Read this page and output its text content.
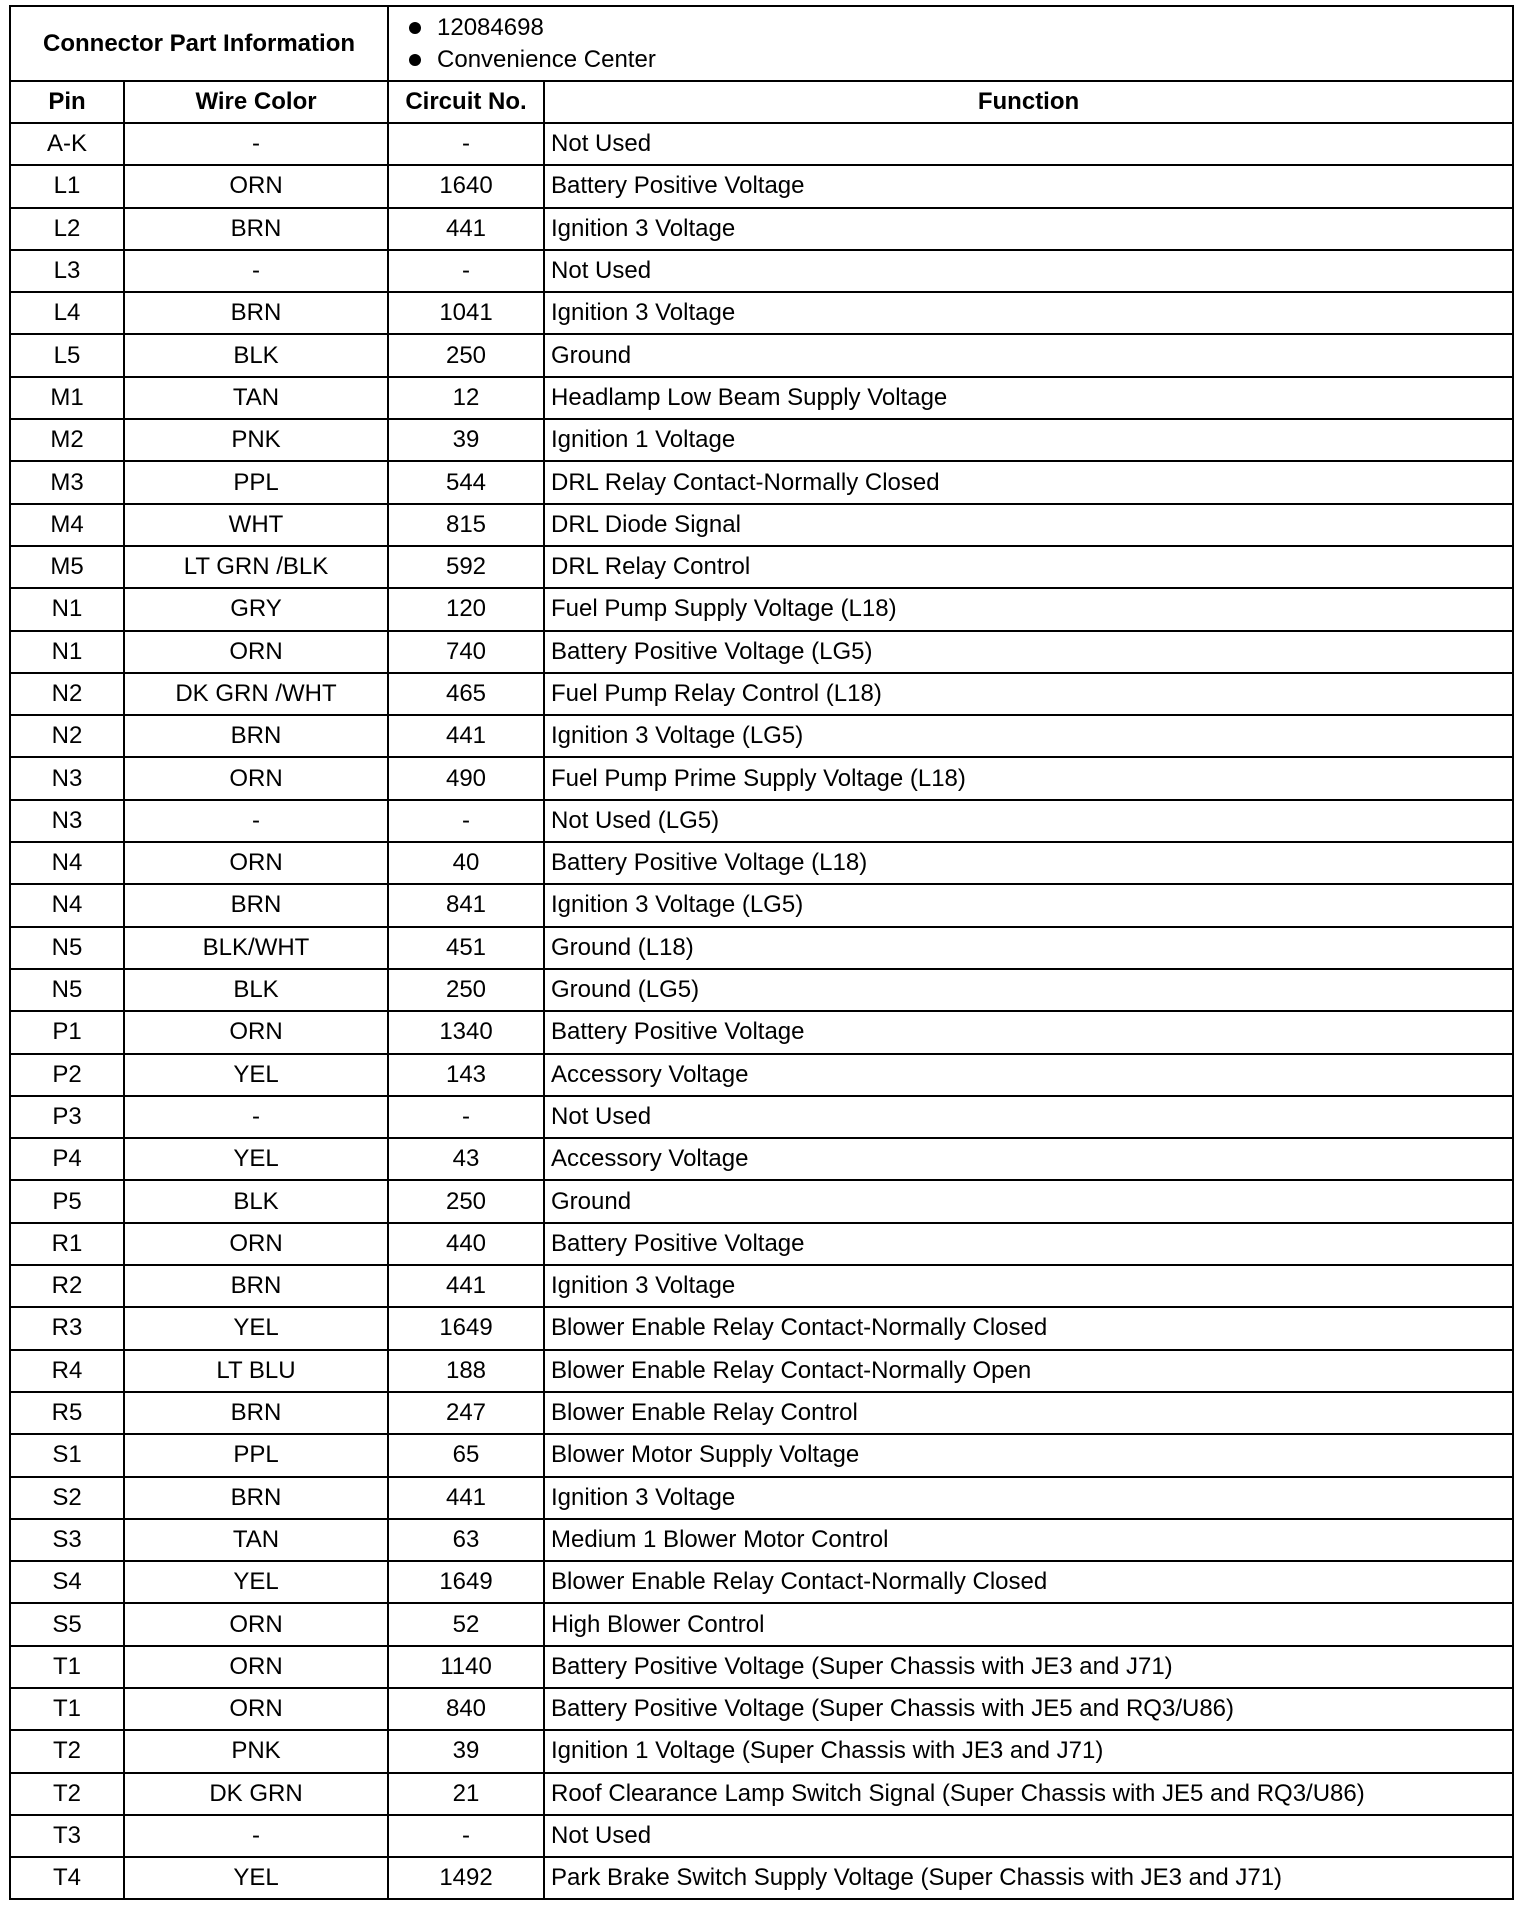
Connector Part Information		12084698
Convenience Center	

Pin	Wire Color	Circuit No.	Function
A-K	-	-	Not Used
L1	ORN	1640	Battery Positive Voltage
L2	BRN	441	Ignition 3 Voltage
L3	-	-	Not Used
L4	BRN	1041	Ignition 3 Voltage
L5	BLK	250	Ground
M1	TAN	12	Headlamp Low Beam Supply Voltage
M2	PNK	39	Ignition 1 Voltage
M3	PPL	544	DRL Relay Contact-Normally Closed
M4	WHT	815	DRL Diode Signal
M5	LT GRN /BLK	592	DRL Relay Control
N1	GRY	120	Fuel Pump Supply Voltage (L18)
N1	ORN	740	Battery Positive Voltage (LG5)
N2	DK GRN /WHT	465	Fuel Pump Relay Control (L18)
N2	BRN	441	Ignition 3 Voltage (LG5)
N3	ORN	490	Fuel Pump Prime Supply Voltage (L18)
N3	-	-	Not Used (LG5)
N4	ORN	40	Battery Positive Voltage (L18)
N4	BRN	841	Ignition 3 Voltage (LG5)
N5	BLK/WHT	451	Ground (L18)
N5	BLK	250	Ground (LG5)
P1	ORN	1340	Battery Positive Voltage
P2	YEL	143	Accessory Voltage
P3	-	-	Not Used
P4	YEL	43	Accessory Voltage
P5	BLK	250	Ground
R1	ORN	440	Battery Positive Voltage
R2	BRN	441	Ignition 3 Voltage
R3	YEL	1649	Blower Enable Relay Contact-Normally Closed
R4	LT BLU	188	Blower Enable Relay Contact-Normally Open
R5	BRN	247	Blower Enable Relay Control
S1	PPL	65	Blower Motor Supply Voltage
S2	BRN	441	Ignition 3 Voltage
S3	TAN	63	Medium 1 Blower Motor Control
S4	YEL	1649	Blower Enable Relay Contact-Normally Closed
S5	ORN	52	High Blower Control
T1	ORN	1140	Battery Positive Voltage (Super Chassis with JE3 and J71)
T1	ORN	840	Battery Positive Voltage (Super Chassis with JE5 and RQ3/U86)
T2	PNK	39	Ignition 1 Voltage (Super Chassis with JE3 and J71)
T2	DK GRN	21	Roof Clearance Lamp Switch Signal (Super Chassis with JE5 and RQ3/U86)
T3	-	-	Not Used
T4	YEL	1492	Park Brake Switch Supply Voltage (Super Chassis with JE3 and J71)
